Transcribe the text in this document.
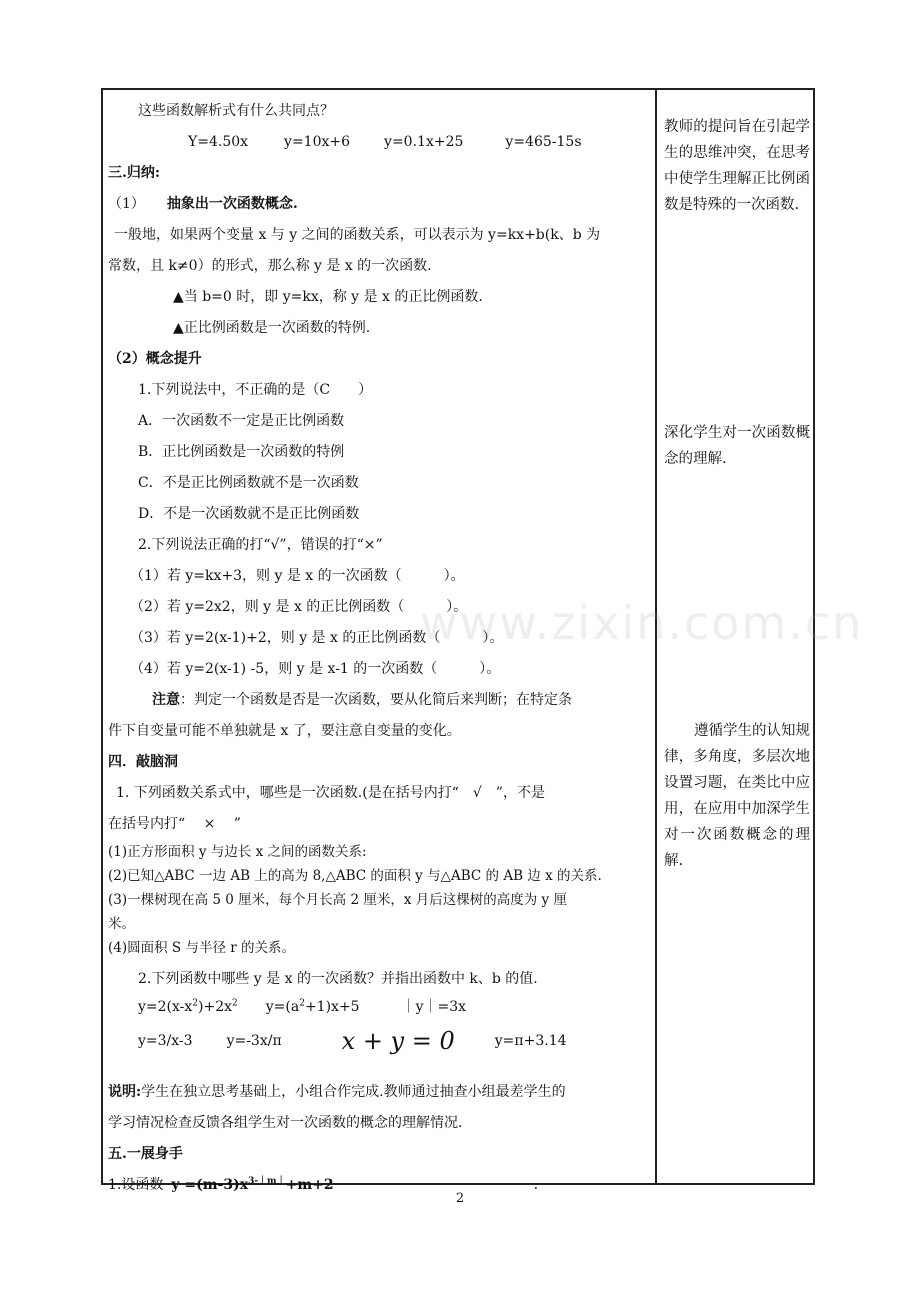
www.zixin.com.cn
这些函数解析式有什么共同点？
Y=4.50x	y=10x+6 y=0.1x+25	y=465-15s
三.归纳:
（1） 抽象出一次函数概念.
一般地，如果两个变量 x 与 y 之间的函数关系，可以表示为 y=kx+b(k、b 为
常数，且 k≠0）的形式，那么称 y 是 x 的一次函数.
▲当 b=0 时，即 y=kx，称 y 是 x 的正比例函数.
▲正比例函数是一次函数的特例.
（2）概念提升
1.下列说法中，不正确的是（C　　）
A．一次函数不一定是正比例函数
B．正比例函数是一次函数的特例
C．不是正比例函数就不是一次函数
D．不是一次函数就不是正比例函数
2.下列说法正确的打“√”，错误的打“×”
（1）若 y=kx+3，则 y 是 x 的一次函数（　　　）。
（2）若 y=2x2，则 y 是 x 的正比例函数（　　　）。
（3）若 y=2(x-1)+2，则 y 是 x 的正比例函数（　　　）。
（4）若 y=2(x-1) -5，则 y 是 x-1 的一次函数（　　　）。
注意：判定一个函数是否是一次函数，要从化简后来判断；在特定条
件下自变量可能不单独就是 x 了，要注意自变量的变化。
四．敲脑洞
1. 下列函数关系式中，哪些是一次函数.(是在括号内打“　√　”，不是
在括号内打“　 ×　 ”
(1)正方形面积 y 与边长 x 之间的函数关系:
(2)已知△ABC 一边 AB 上的高为 8,△ABC 的面积 y 与△ABC 的 AB 边 x 的关系.
(3)一棵树现在高 5 0 厘米，每个月长高 2 厘米，x 月后这棵树的高度为 y 厘
米。
(4)圆面积 S 与半径 r 的关系。
2.下列函数中哪些 y 是 x 的一次函数？并指出函数中 k、b 的值.
$y=2(x-x^2)+2x^2$ $y=(a^2+1)x+5$	｜y｜=3x
y=3/x-3 y=-3x/π	x + y = 0	y=π+3.14
说明:学生在独立思考基础上，小组合作完成.教师通过抽查小组最差学生的
学习情况检查反馈各组学生对一次函数的概念的理解情况.
五.一展身手
1.设函数 $y =(m-3)x^{3-|m|}+m+2$	.
教师的提问旨在引起学生的思维冲突，在思考中使学生理解正比例函数是特殊的一次函数.
深化学生对一次函数概念的理解.
遵循学生的认知规律，多角度，多层次地设置习题，在类比中应用，在应用中加深学生对一次函数概念的理解.
2
